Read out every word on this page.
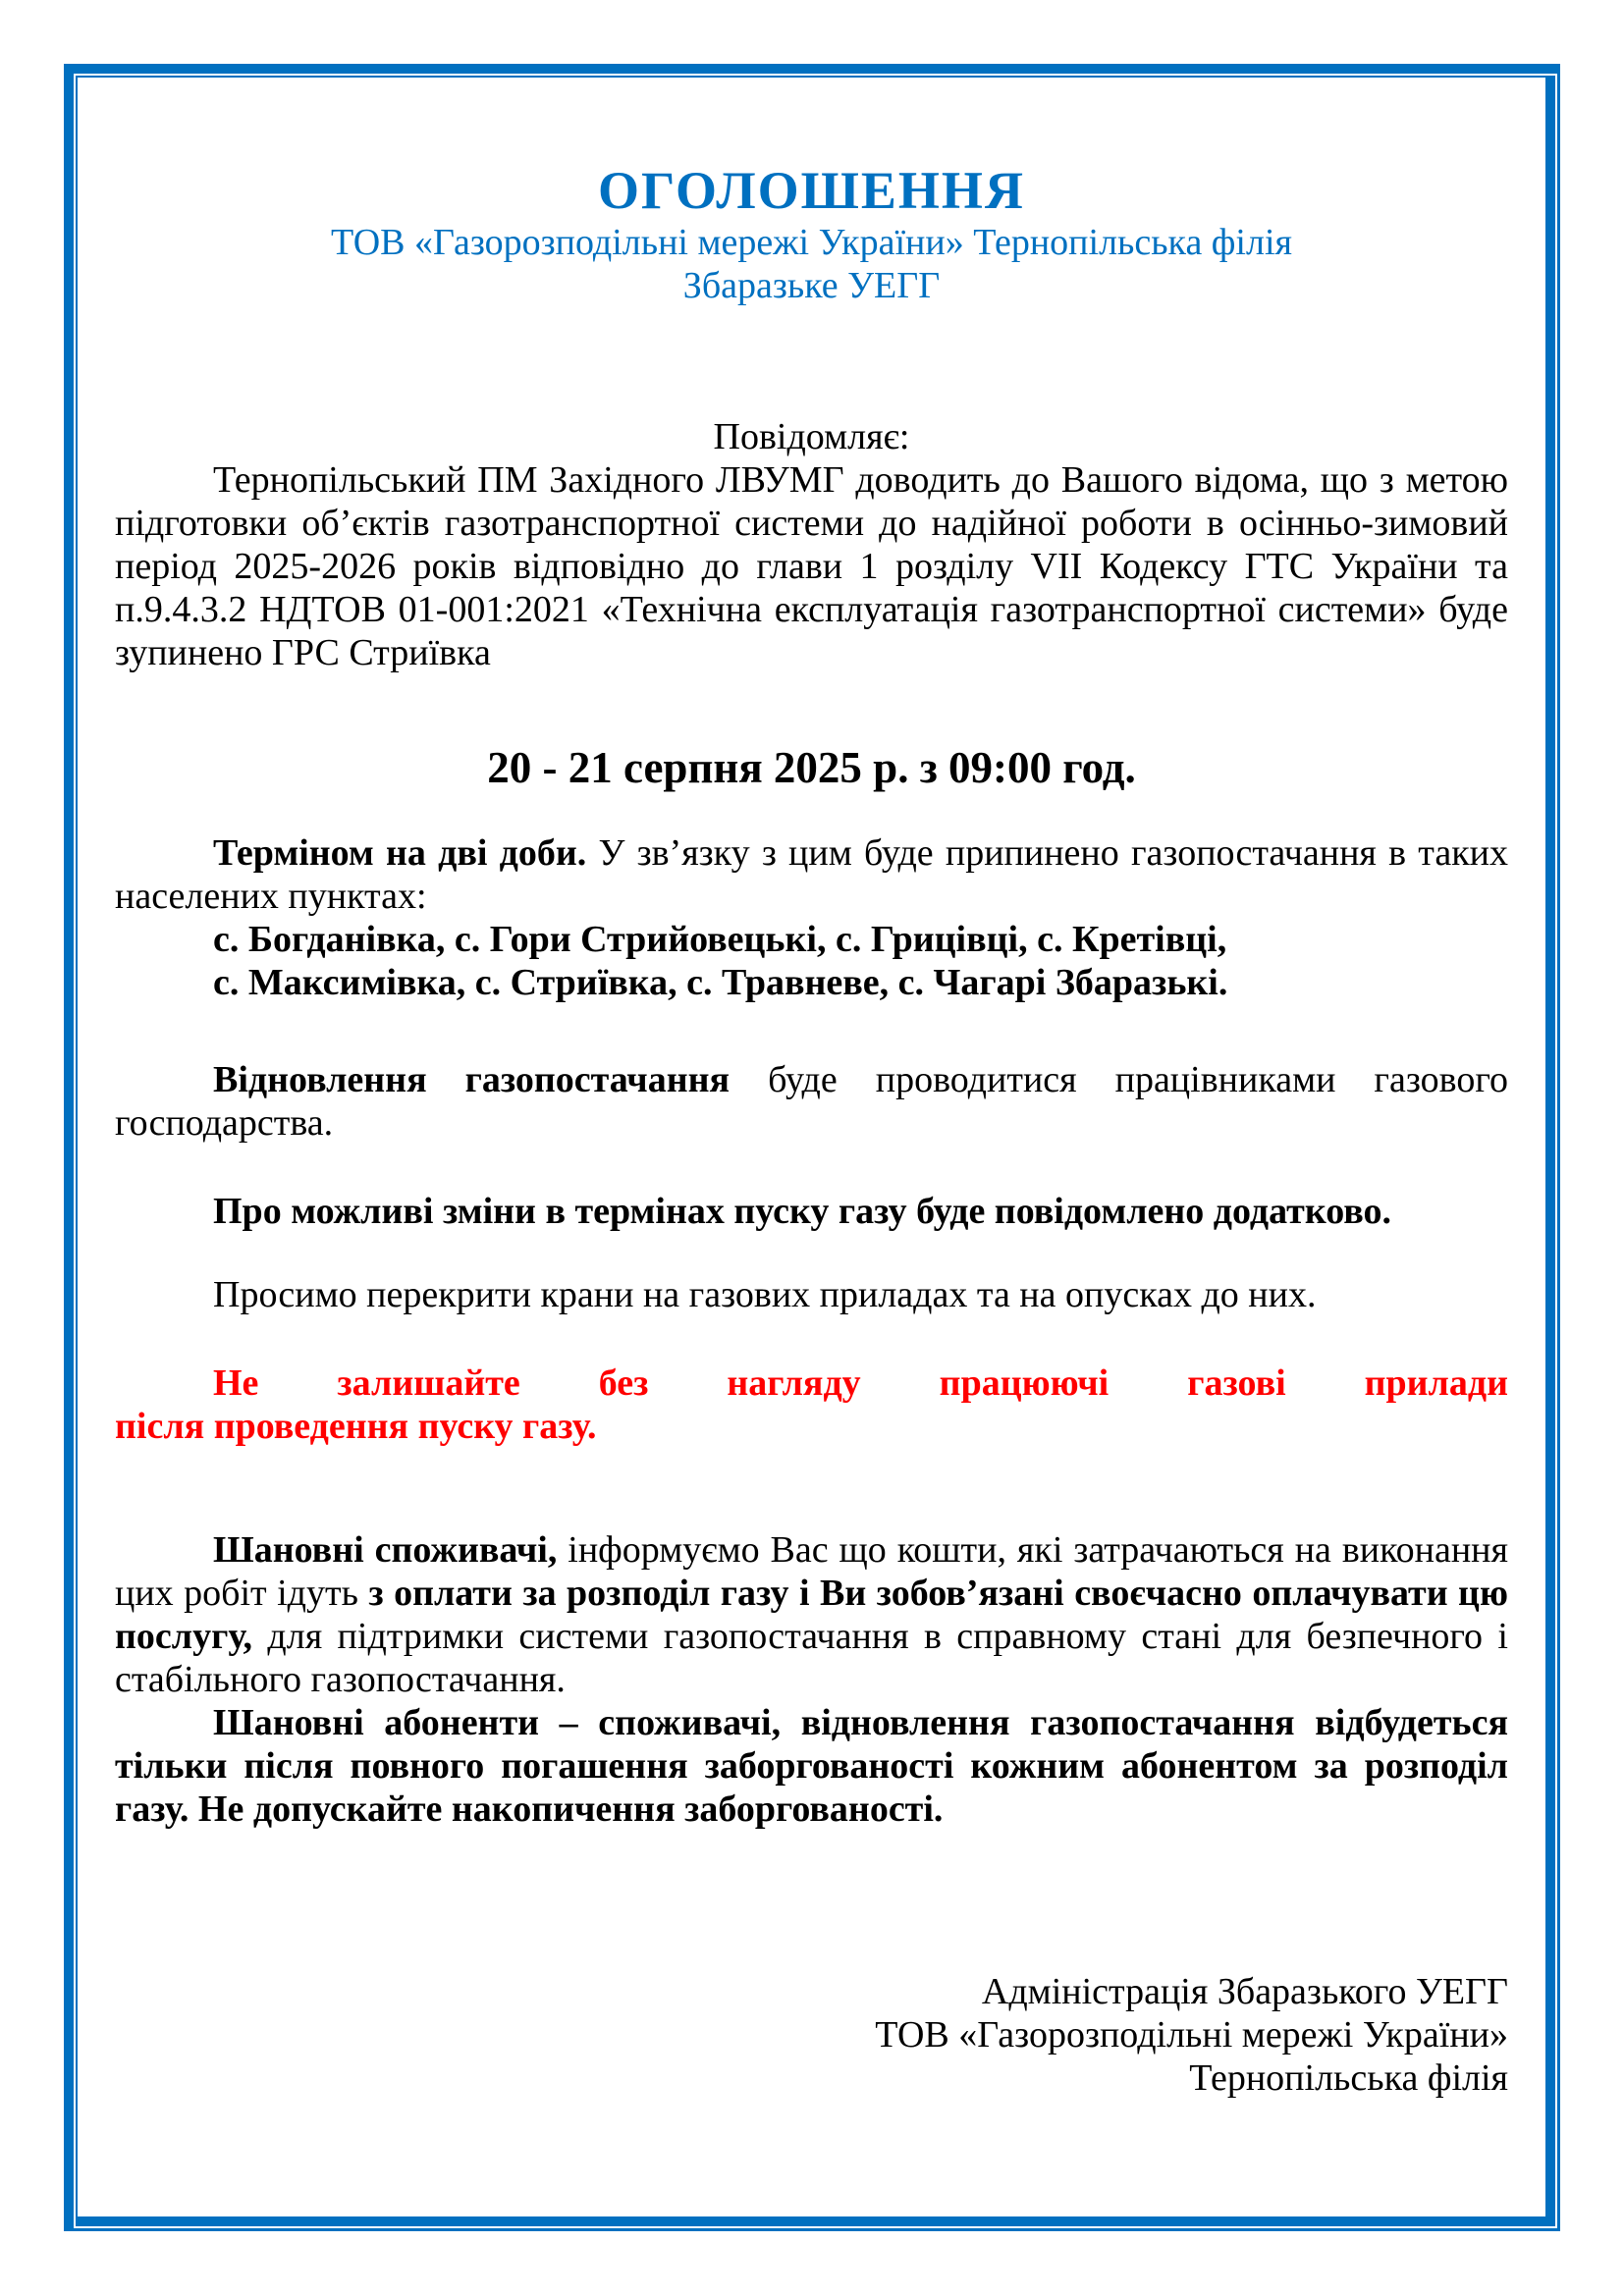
ОГОЛОШЕННЯ
ТОВ «Газорозподільні мережі України» Тернопільська філія
Збаразьке УЕГГ
Повідомляє:
Тернопільський ПМ Західного ЛВУМГ доводить до Вашого відома, що з метою підготовки об’єктів газотранспортної системи до надійної роботи в осінньо-зимовий період 2025-2026 років відповідно до глави 1 розділу VII Кодексу ГТС України та п.9.4.3.2 НДТОВ 01-001:2021 «Технічна експлуатація газотранспортної системи» буде зупинено ГРС Стриївка
20 - 21 серпня 2025 р. з 09:00 год.
Терміном на дві доби. У зв’язку з цим буде припинено газопостачання в таких населених пунктах:
с. Богданівка, с. Гори Стрийовецькі, с. Грицівці, с. Кретівці,
с. Максимівка, с. Стриївка, с. Травневе, с. Чагарі Збаразькі.
Відновлення газопостачання буде проводитися працівниками газового господарства.
Про можливі зміни в термінах пуску газу буде повідомлено додатково.
Просимо перекрити крани на газових приладах та на опусках до них.
Не залишайте без нагляду працюючі газові прилади
після проведення пуску газу.
Шановні споживачі, інформуємо Вас що кошти, які затрачаються на виконання цих робіт ідуть з оплати за розподіл газу і Ви зобов’язані своєчасно оплачувати цю послугу, для підтримки системи газопостачання в справному стані для безпечного і стабільного газопостачання.
Шановні абоненти – споживачі, відновлення газопостачання відбудеться тільки після повного погашення заборгованості кожним абонентом за розподіл газу. Не допускайте накопичення заборгованості.
Адміністрація Збаразького УЕГГ
ТОВ «Газорозподільні мережі України»
Тернопільська філія
